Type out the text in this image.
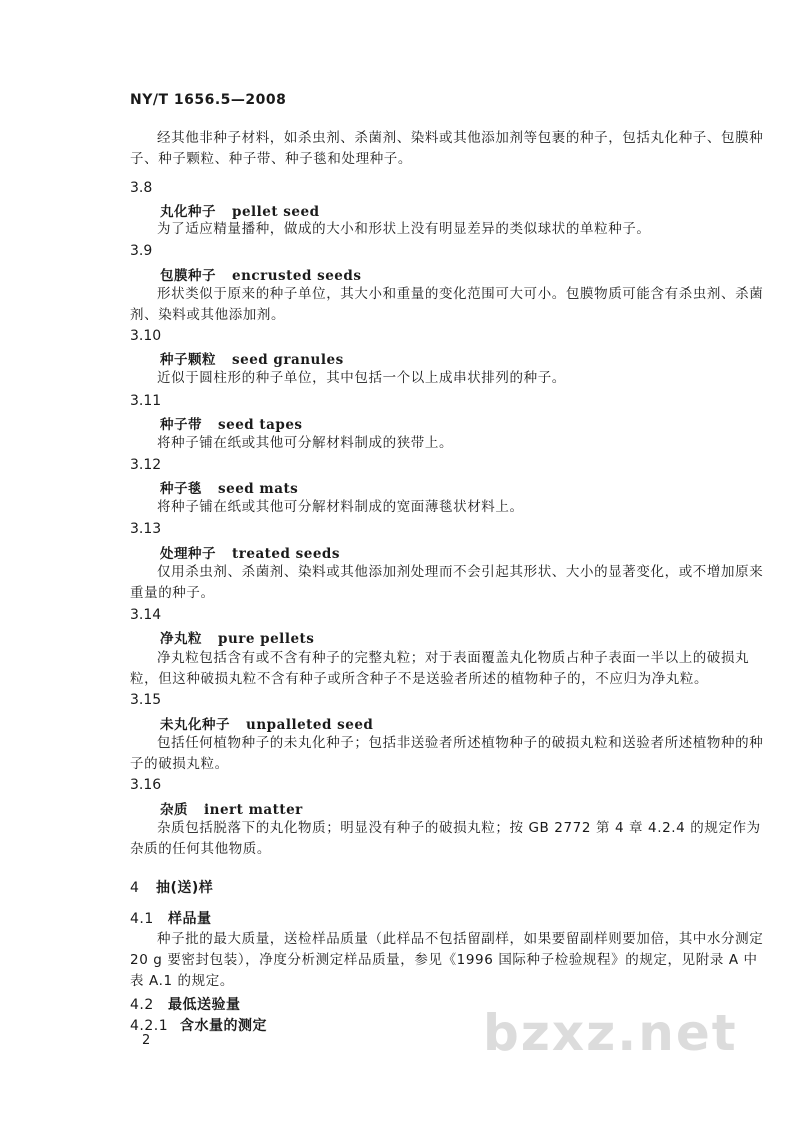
NY/T 1656.5—2008
经其他非种子材料，如杀虫剂、杀菌剂、染料或其他添加剂等包裹的种子，包括丸化种子、包膜种子、种子颗粒、种子带、种子毯和处理种子。
3.8
丸化种子 pellet seed
为了适应精量播种，做成的大小和形状上没有明显差异的类似球状的单粒种子。
3.9
包膜种子 encrusted seeds
形状类似于原来的种子单位，其大小和重量的变化范围可大可小。包膜物质可能含有杀虫剂、杀菌剂、染料或其他添加剂。
3.10
种子颗粒 seed granules
近似于圆柱形的种子单位，其中包括一个以上成串状排列的种子。
3.11
种子带 seed tapes
将种子铺在纸或其他可分解材料制成的狭带上。
3.12
种子毯 seed mats
将种子铺在纸或其他可分解材料制成的宽面薄毯状材料上。
3.13
处理种子 treated seeds
仅用杀虫剂、杀菌剂、染料或其他添加剂处理而不会引起其形状、大小的显著变化，或不增加原来重量的种子。
3.14
净丸粒 pure pellets
净丸粒包括含有或不含有种子的完整丸粒；对于表面覆盖丸化物质占种子表面一半以上的破损丸粒，但这种破损丸粒不含有种子或所含种子不是送验者所述的植物种子的，不应归为净丸粒。
3.15
未丸化种子 unpalleted seed
包括任何植物种子的未丸化种子；包括非送验者所述植物种子的破损丸粒和送验者所述植物种的种子的破损丸粒。
3.16
杂质 inert matter
杂质包括脱落下的丸化物质；明显没有种子的破损丸粒；按 GB 2772 第 4 章 4.2.4 的规定作为杂质的任何其他物质。
4 抽(送)样
4.1 样品量
种子批的最大质量，送检样品质量（此样品不包括留副样，如果要留副样则要加倍，其中水分测定 20 g 要密封包装），净度分析测定样品质量，参见《1996 国际种子检验规程》的规定，见附录 A 中表 A.1 的规定。
4.2 最低送验量
4.2.1 含水量的测定
2	bzxz.net
